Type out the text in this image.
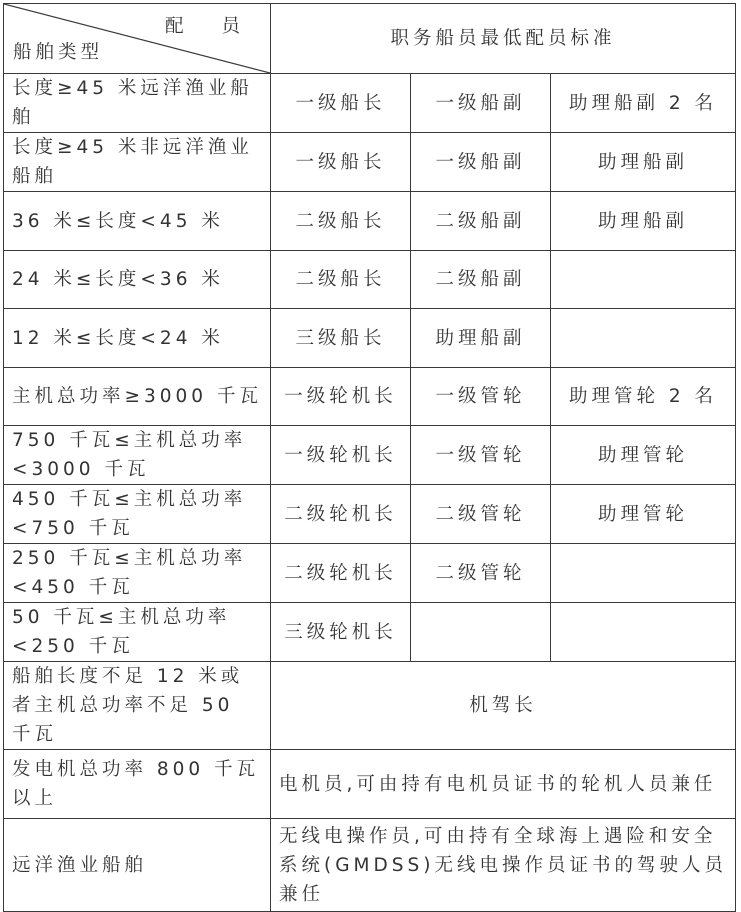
配 员
船舶类型	职务船员最低配员标准		
长度≥45 米远洋渔业船舶	一级船长	一级船副	助理船副 2 名
长度≥45 米非远洋渔业船舶	一级船长	一级船副	助理船副
36 米≤长度<45 米	二级船长	二级船副	助理船副
24 米≤长度<36 米	二级船长	二级船副	
12 米≤长度<24 米	三级船长	助理船副	
主机总功率≥3000 千瓦	一级轮机长	一级管轮	助理管轮 2 名
750 千瓦≤主机总功率<3000 千瓦	一级轮机长	一级管轮	助理管轮
450 千瓦≤主机总功率<750 千瓦	二级轮机长	二级管轮	助理管轮
250 千瓦≤主机总功率<450 千瓦	二级轮机长	二级管轮	
50 千瓦≤主机总功率<250 千瓦	三级轮机长		
船舶长度不足 12 米或者主机总功率不足 50 千瓦	机驾长		
发电机总功率 800 千瓦以上	电机员,可由持有电机员证书的轮机人员兼任		
远洋渔业船舶	无线电操作员,可由持有全球海上遇险和安全系统(GMDSS)无线电操作员证书的驾驶人员兼任		
